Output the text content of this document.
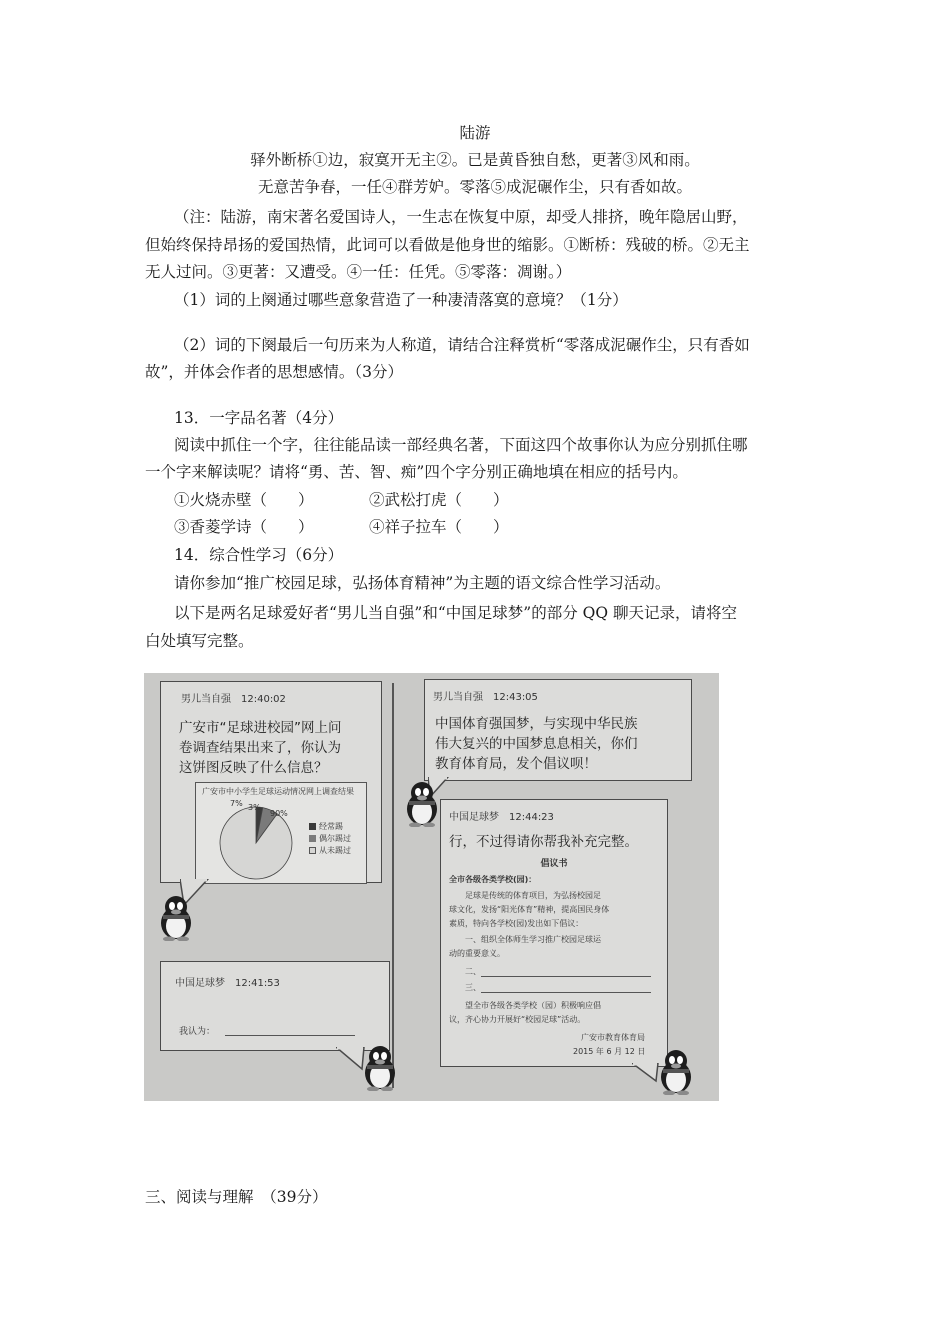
陆游
驿外断桥①边，寂寞开无主②。已是黄昏独自愁，更著③风和雨。
无意苦争春，一任④群芳妒。零落⑤成泥碾作尘，只有香如故。
（注：陆游，南宋著名爱国诗人，一生志在恢复中原，却受人排挤，晚年隐居山野，
但始终保持昂扬的爱国热情，此词可以看做是他身世的缩影。①断桥：残破的桥。②无主
无人过问。③更著：又遭受。④一任：任凭。⑤零落：凋谢。）
（1）词的上阕通过哪些意象营造了一种凄清落寞的意境？（1分）
（2）词的下阕最后一句历来为人称道，请结合注释赏析“零落成泥碾作尘，只有香如
故”，并体会作者的思想感情。（3分）
13．一字品名著（4分）
阅读中抓住一个字，往往能品读一部经典名著，下面这四个故事你认为应分别抓住哪
一个字来解读呢？请将“勇、苦、智、痴”四个字分别正确地填在相应的括号内。
①火烧赤壁（　　）	②武松打虎（　　）
③香菱学诗（　　）	④祥子拉车（　　）
14．综合性学习（6分）
请你参加“推广校园足球，弘扬体育精神”为主题的语文综合性学习活动。
以下是两名足球爱好者“男儿当自强”和“中国足球梦”的部分 QQ 聊天记录，请将空
白处填写完整。
男儿当自强　12:40:02
广安市“足球进校园”网上问
卷调查结果出来了，你认为
这饼图反映了什么信息？
广安市中小学生足球运动情况网上调查结果
7% 3%
90%
经常踢
偶尔踢过
从未踢过
中国足球梦　12:41:53
我认为：
男儿当自强　12:43:05
中国体育强国梦，与实现中华民族
伟大复兴的中国梦息息相关，你们
教育体育局，发个倡议呗！
中国足球梦　12:44:23
行，不过得请你帮我补充完整。
倡议书
全市各级各类学校(园)：
足球是传统的体育项目，为弘扬校园足
球文化，发扬“阳光体育”精神，提高国民身体
素质，特向各学校(园)发出如下倡议：
一、组织全体师生学习推广校园足球运
动的重要意义。
二、
三、
望全市各级各类学校（园）积极响应倡
议，齐心协力开展好“校园足球”活动。
广安市教育体育局
2015 年 6 月 12 日
三、阅读与理解　（39分）
